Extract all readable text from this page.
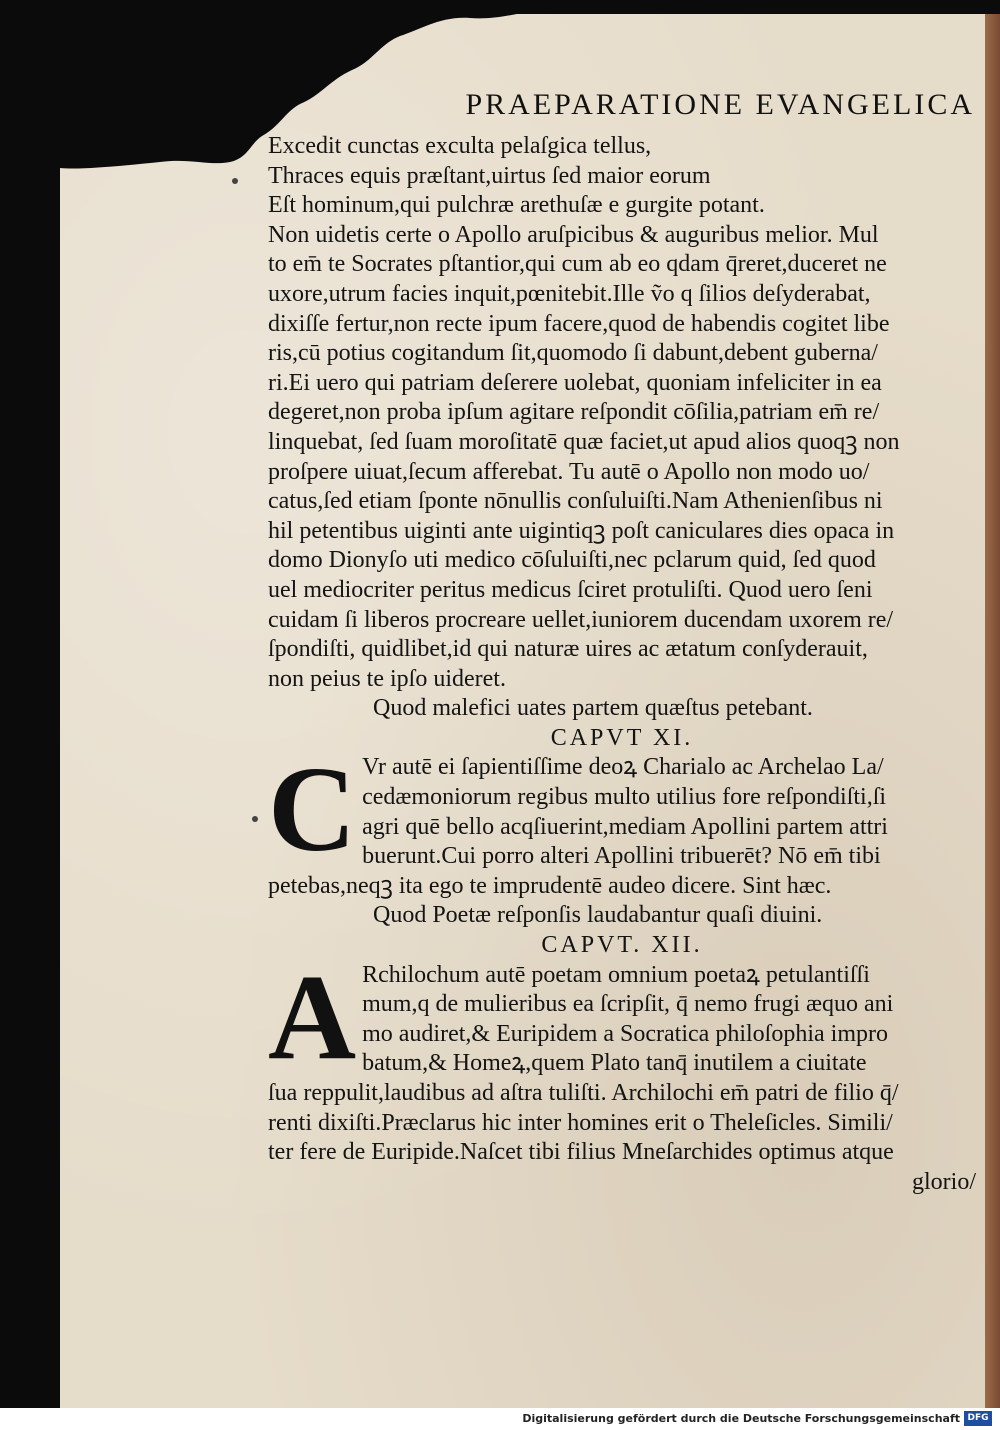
PRAEPARATIONE EVANGELICA
Excedit cunctas exculta pelaſgica tellus,
Thraces equis præſtant,uirtus ſed maior eorum
Eſt hominum,qui pulchræ arethuſæ e gurgite potant.
Non uidetis certe o Apollo aruſpicibus & auguribus melior. Mul
to em̄ te Socrates pſtantior,qui cum ab eo qdam q̄reret,duceret ne
uxore,utrum facies inquit,pœnitebit.Ille ṽo q ſilios deſyderabat,
dixiſſe fertur,non recte ipum facere,quod de habendis cogitet libe
ris,cū potius cogitandum ſit,quomodo ſi dabunt,debent guberna/
ri.Ei uero qui patriam deſerere uolebat, quoniam infeliciter in ea
degeret,non proba ipſum agitare reſpondit cōſilia,patriam em̄ re/
linquebat, ſed ſuam moroſitatē quæ faciet,ut apud alios quoqꝫ non
proſpere uiuat,ſecum afferebat. Tu autē o Apollo non modo uo/
catus,ſed etiam ſponte nōnullis conſuluiſti.Nam Athenienſibus ni
hil petentibus uiginti ante uigintiqꝫ poſt caniculares dies opaca in
domo Dionyſo uti medico cōſuluiſti,nec pclarum quid, ſed quod
uel mediocriter peritus medicus ſciret protuliſti. Quod uero ſeni
cuidam ſi liberos procreare uellet,iuniorem ducendam uxorem re/
ſpondiſti, quidlibet,id qui naturæ uires ac ætatum conſyderauit,
non peius te ipſo uideret.
Quod malefici uates partem quæſtus petebant.
CAPVT XI.
C Vr autē ei ſapientiſſime deoꝝ Charialo ac Archelao La/
cedæmoniorum regibus multo utilius fore reſpondiſti,ſi
agri quē bello acqſiuerint,mediam Apollini partem attri
buerunt.Cui porro alteri Apollini tribuerēt? Nō em̄ tibi
petebas,neqꝫ ita ego te imprudentē audeo dicere. Sint hæc.
Quod Poetæ reſponſis laudabantur quaſi diuini.
CAPVT. XII.
A Rchilochum autē poetam omnium poetaꝝ petulantiſſi
mum,q de mulieribus ea ſcripſit, q̄ nemo frugi æquo ani
mo audiret,& Euripidem a Socratica philoſophia impro
batum,& Homeꝝ,quem Plato tanq̄ inutilem a ciuitate
ſua reppulit,laudibus ad aſtra tuliſti. Archilochi em̄ patri de filio q̄/
renti dixiſti.Præclarus hic inter homines erit o Theleſicles. Simili/
ter fere de Euripide.Naſcet tibi filius Mneſarchides optimus atque
glorio/
Digitalisierung gefördert durch die Deutsche Forschungsgemeinschaft DFG
